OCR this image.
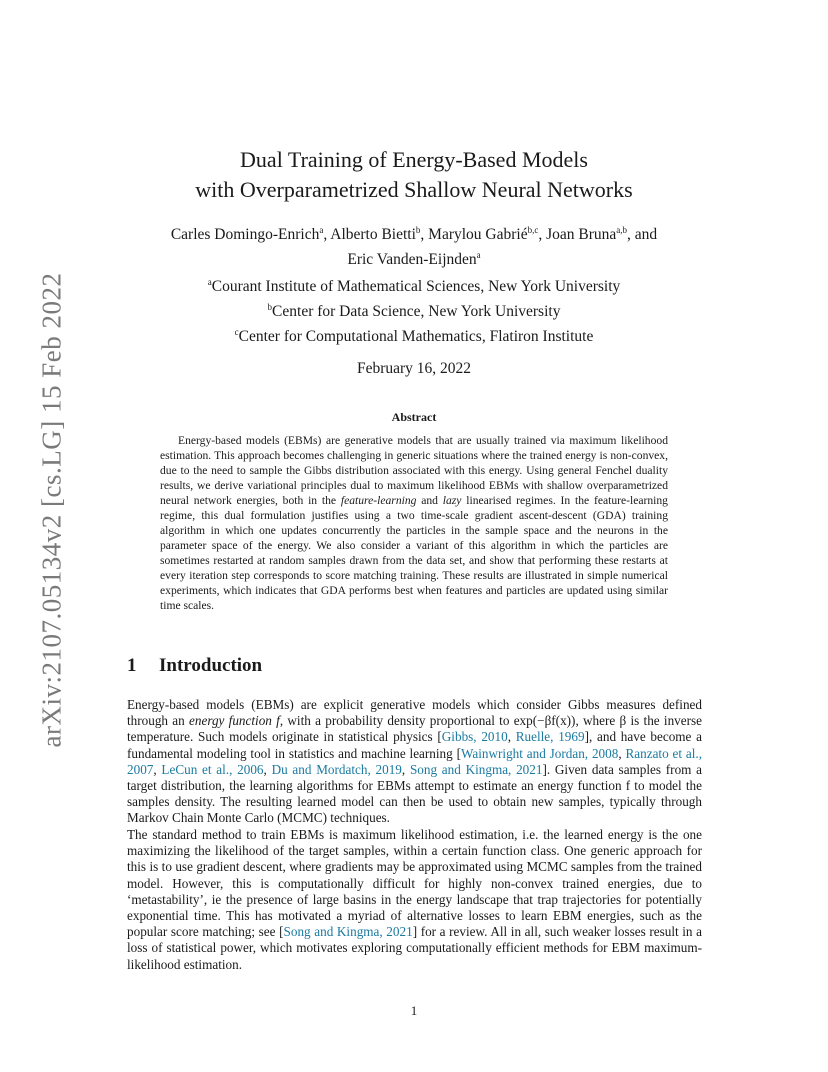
arXiv:2107.05134v2 [cs.LG] 15 Feb 2022
Dual Training of Energy-Based Models
with Overparametrized Shallow Neural Networks
Carles Domingo-Enrich$^a$, Alberto Bietti$^b$, Marylou Gabrié$^{b,c}$, Joan Bruna$^{a,b}$, and
Eric Vanden-Eijnden$^a$
$^a$Courant Institute of Mathematical Sciences, New York University
$^b$Center for Data Science, New York University
$^c$Center for Computational Mathematics, Flatiron Institute
February 16, 2022
Abstract
Energy-based models (EBMs) are generative models that are usually trained via maximum likelihood estimation. This approach becomes challenging in generic situations where the trained energy is non-convex, due to the need to sample the Gibbs distribution associated with this energy. Using general Fenchel duality results, we derive variational principles dual to maximum likelihood EBMs with shallow overparametrized neural network energies, both in the feature-learning and lazy linearised regimes. In the feature-learning regime, this dual formulation justifies using a two time-scale gradient ascent-descent (GDA) training algorithm in which one updates concurrently the particles in the sample space and the neurons in the parameter space of the energy. We also consider a variant of this algorithm in which the particles are sometimes restarted at random samples drawn from the data set, and show that performing these restarts at every iteration step corresponds to score matching training. These results are illustrated in simple numerical experiments, which indicates that GDA performs best when features and particles are updated using similar time scales.
1 Introduction
Energy-based models (EBMs) are explicit generative models which consider Gibbs measures defined through an energy function f, with a probability density proportional to exp(−βf(x)), where β is the inverse temperature. Such models originate in statistical physics [Gibbs, 2010, Ruelle, 1969], and have become a fundamental modeling tool in statistics and machine learning [Wainwright and Jordan, 2008, Ranzato et al., 2007, LeCun et al., 2006, Du and Mordatch, 2019, Song and Kingma, 2021]. Given data samples from a target distribution, the learning algorithms for EBMs attempt to estimate an energy function f to model the samples density. The resulting learned model can then be used to obtain new samples, typically through Markov Chain Monte Carlo (MCMC) techniques.
The standard method to train EBMs is maximum likelihood estimation, i.e. the learned energy is the one maximizing the likelihood of the target samples, within a certain function class. One generic approach for this is to use gradient descent, where gradients may be approximated using MCMC samples from the trained model. However, this is computationally difficult for highly non-convex trained energies, due to ‘metastability’, ie the presence of large basins in the energy landscape that trap trajectories for potentially exponential time. This has motivated a myriad of alternative losses to learn EBM energies, such as the popular score matching; see [Song and Kingma, 2021] for a review. All in all, such weaker losses result in a loss of statistical power, which motivates exploring computationally efficient methods for EBM maximum-likelihood estimation.
1
